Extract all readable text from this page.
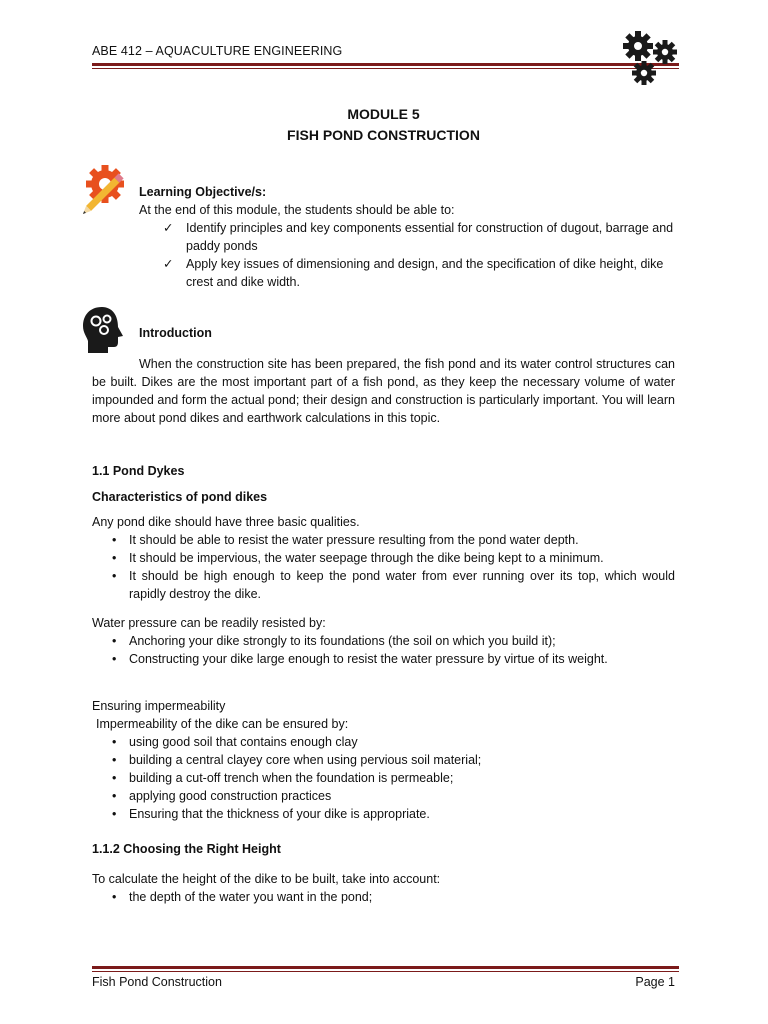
ABE 412 – AQUACULTURE ENGINEERING
MODULE 5
FISH POND CONSTRUCTION
Learning Objective/s:
At the end of this module, the students should be able to:
✓ Identify principles and key components essential for construction of dugout, barrage and paddy ponds
✓ Apply key issues of dimensioning and design, and the specification of dike height, dike crest and dike width.
Introduction
When the construction site has been prepared, the fish pond and its water control structures can be built. Dikes are the most important part of a fish pond, as they keep the necessary volume of water impounded and form the actual pond; their design and construction is particularly important. You will learn more about pond dikes and earthwork calculations in this topic.
1.1 Pond Dykes
Characteristics of pond dikes
Any pond dike should have three basic qualities.
• It should be able to resist the water pressure resulting from the pond water depth.
• It should be impervious, the water seepage through the dike being kept to a minimum.
• It should be high enough to keep the pond water from ever running over its top, which would rapidly destroy the dike.
Water pressure can be readily resisted by:
• Anchoring your dike strongly to its foundations (the soil on which you build it);
• Constructing your dike large enough to resist the water pressure by virtue of its weight.
Ensuring impermeability
Impermeability of the dike can be ensured by:
• using good soil that contains enough clay
• building a central clayey core when using pervious soil material;
• building a cut-off trench when the foundation is permeable;
• applying good construction practices
• Ensuring that the thickness of your dike is appropriate.
1.1.2 Choosing the Right Height
To calculate the height of the dike to be built, take into account:
• the depth of the water you want in the pond;
Fish Pond Construction	Page 1
